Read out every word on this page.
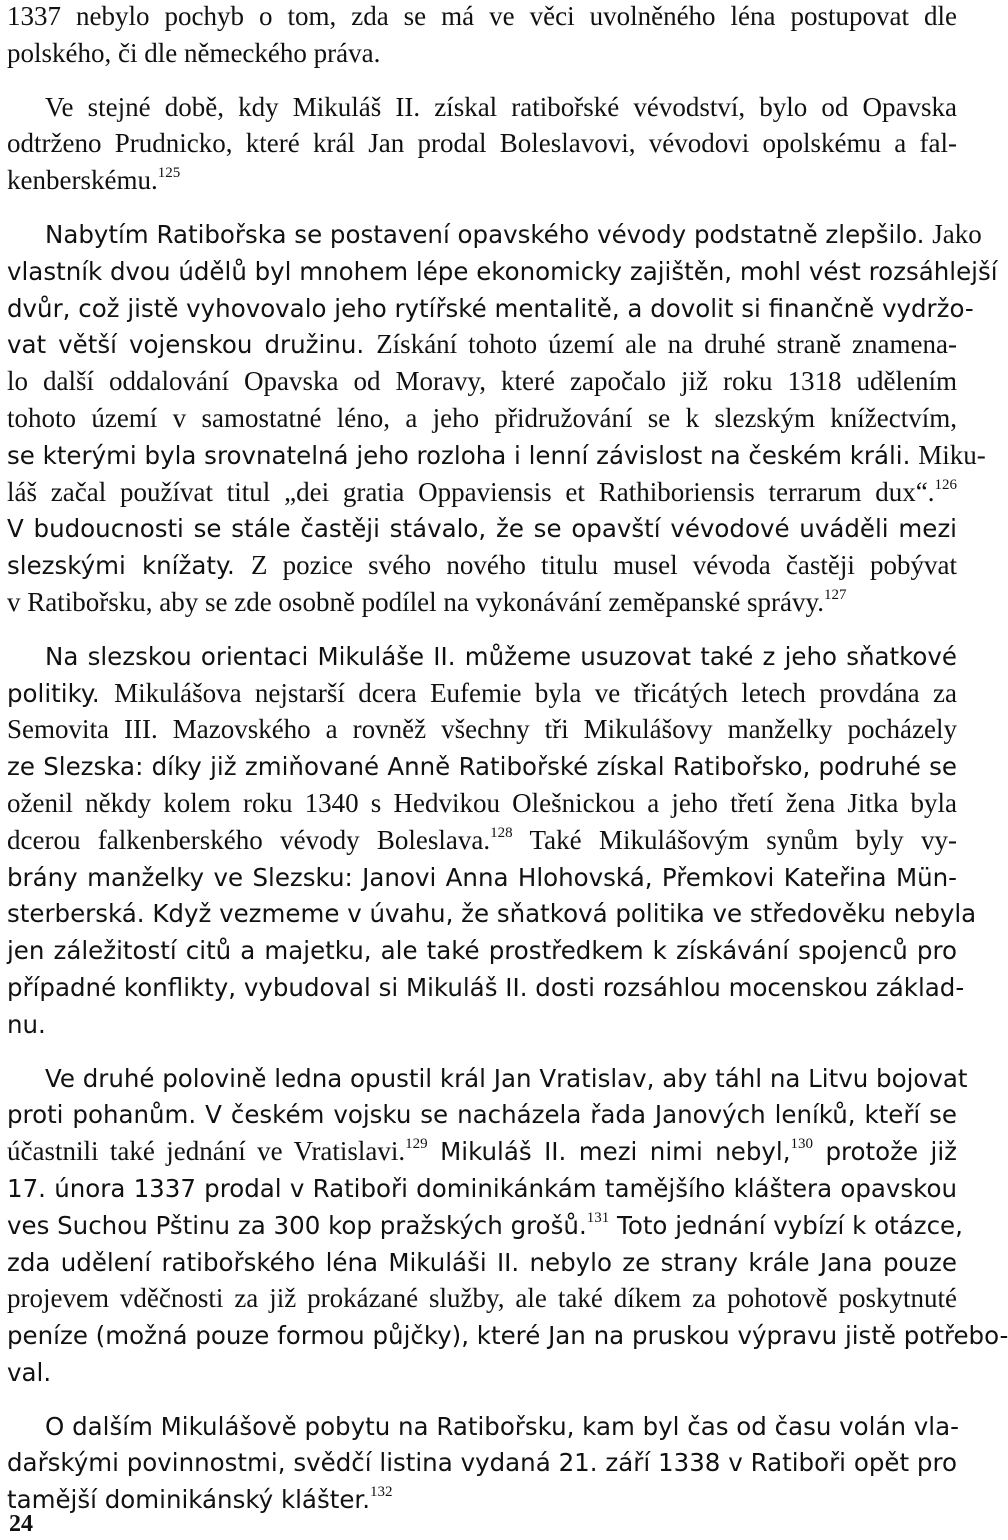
1337 nebylo pochyb o tom, zda se má ve věci uvolněného léna postupovat dle
polského, či dle německého práva.
Ve stejné době, kdy Mikuláš II. získal ratibořské vévodství, bylo od Opavska
odtrženo Prudnicko, které král Jan prodal Boleslavovi, vévodovi opolskému a fal-
kenberskému.$^{125}$
Nabytím Ratibořska se postavení opavského vévody podstatně zlepšilo. Jako
vlastník dvou údělů byl mnohem lépe ekonomicky zajištěn, mohl vést rozsáhlejší
dvůr, což jistě vyhovovalo jeho rytířské mentalitě, a dovolit si finančně vydržo-
vat větší vojenskou družinu. Získání tohoto území ale na druhé straně znamena-
lo další oddalování Opavska od Moravy, které započalo již roku 1318 udělením
tohoto území v samostatné léno, a jeho přidružování se k slezským knížectvím,
se kterými byla srovnatelná jeho rozloha i lenní závislost na českém králi. Miku-
láš začal používat titul „dei gratia Oppaviensis et Rathiboriensis terrarum dux“.$^{126}$
V budoucnosti se stále častěji stávalo, že se opavští vévodové uváděli mezi
slezskými knížaty. Z pozice svého nového titulu musel vévoda častěji pobývat
v Ratibořsku, aby se zde osobně podílel na vykonávání zeměpanské správy.$^{127}$
Na slezskou orientaci Mikuláše II. můžeme usuzovat také z jeho sňatkové
politiky. Mikulášova nejstarší dcera Eufemie byla ve třicátých letech provdána za
Semovita III. Mazovského a rovněž všechny tři Mikulášovy manželky pocházely
ze Slezska: díky již zmiňované Anně Ratibořské získal Ratibořsko, podruhé se
oženil někdy kolem roku 1340 s Hedvikou Olešnickou a jeho třetí žena Jitka byla
dcerou falkenberského vévody Boleslava.$^{128}$ Také Mikulášovým synům byly vy-
brány manželky ve Slezsku: Janovi Anna Hlohovská, Přemkovi Kateřina Mün-
sterberská. Když vezmeme v úvahu, že sňatková politika ve středověku nebyla
jen záležitostí citů a majetku, ale také prostředkem k získávání spojenců pro
případné konflikty, vybudoval si Mikuláš II. dosti rozsáhlou mocenskou základ-
nu.
Ve druhé polovině ledna opustil král Jan Vratislav, aby táhl na Litvu bojovat
proti pohanům. V českém vojsku se nacházela řada Janových leníků, kteří se
účastnili také jednání ve Vratislavi.$^{129}$ Mikuláš II. mezi nimi nebyl,$^{130}$ protože již
17. února 1337 prodal v Ratiboři dominikánkám tamějšího kláštera opavskou
ves Suchou Pštinu za 300 kop pražských grošů.$^{131}$ Toto jednání vybízí k otázce,
zda udělení ratibořského léna Mikuláši II. nebylo ze strany krále Jana pouze
projevem vděčnosti za již prokázané služby, ale také díkem za pohotově poskytnuté
peníze (možná pouze formou půjčky), které Jan na pruskou výpravu jistě potřebo-
val.
O dalším Mikulášově pobytu na Ratibořsku, kam byl čas od času volán vla-
dařskými povinnostmi, svědčí listina vydaná 21. září 1338 v Ratiboři opět pro
tamější dominikánský klášter.$^{132}$
24
